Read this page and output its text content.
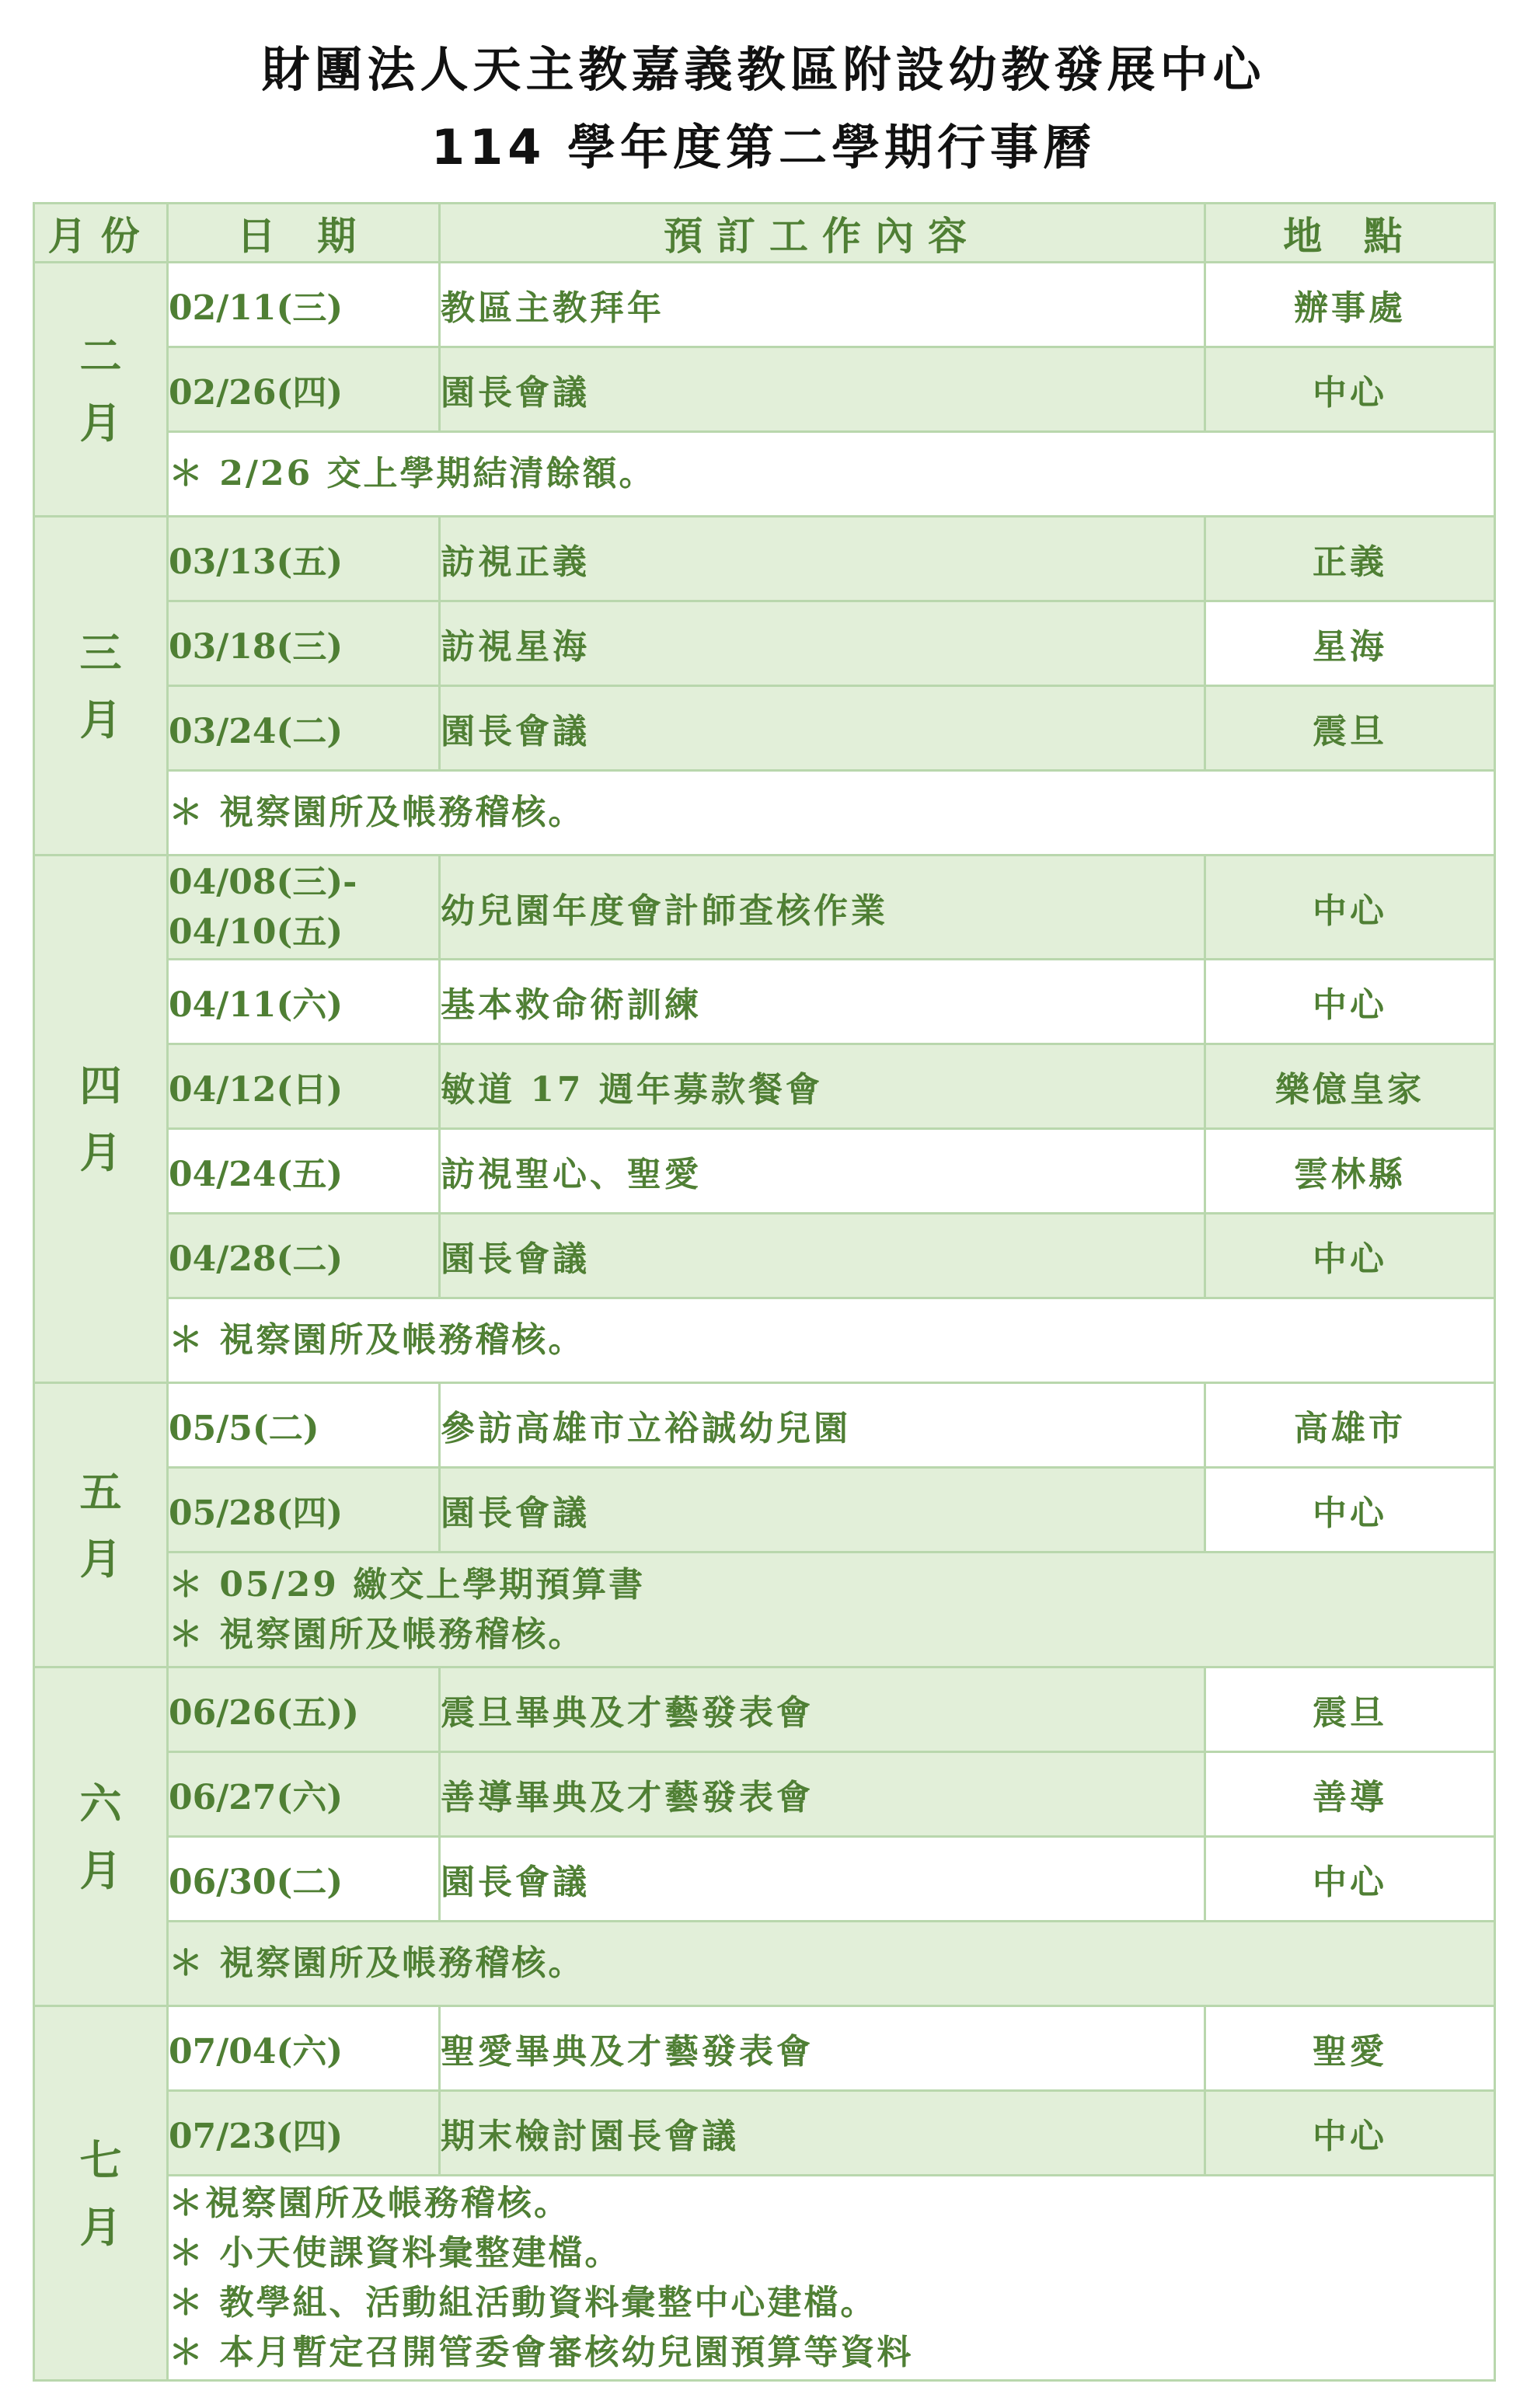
財團法人天主教嘉義教區附設幼教發展中心
114 學年度第二學期行事曆
月份	日 期	預訂工作內容	地 點
二月	02/11(三)	教區主教拜年	辦事處
	02/26(四)	園長會議	中心

	＊ 2/26 交上學期結清餘額。		

三月	03/13(五)	訪視正義	正義
	03/18(三)	訪視星海	星海
	03/24(二)	園長會議	震旦

	＊ 視察園所及帳務稽核。		

四月	04/08(三)-
04/10(五)	幼兒園年度會計師查核作業	中心
	04/11(六)	基本救命術訓練	中心
	04/12(日)	敏道 17 週年募款餐會	樂億皇家
	04/24(五)	訪視聖心、聖愛	雲林縣
	04/28(二)	園長會議	中心

	＊ 視察園所及帳務稽核。		

五月	05/5(二)	參訪高雄市立裕誠幼兒園	高雄市
	05/28(四)	園長會議	中心

	＊ 05/29 繳交上學期預算書
＊ 視察園所及帳務稽核。		

六月	06/26(五))	震旦畢典及才藝發表會	震旦
	06/27(六)	善導畢典及才藝發表會	善導
	06/30(二)	園長會議	中心

	＊ 視察園所及帳務稽核。		

七月	07/04(六)	聖愛畢典及才藝發表會	聖愛
	07/23(四)	期末檢討園長會議	中心

	＊視察園所及帳務稽核。
＊ 小天使課資料彙整建檔。
＊ 教學組、活動組活動資料彙整中心建檔。
＊ 本月暫定召開管委會審核幼兒園預算等資料		
